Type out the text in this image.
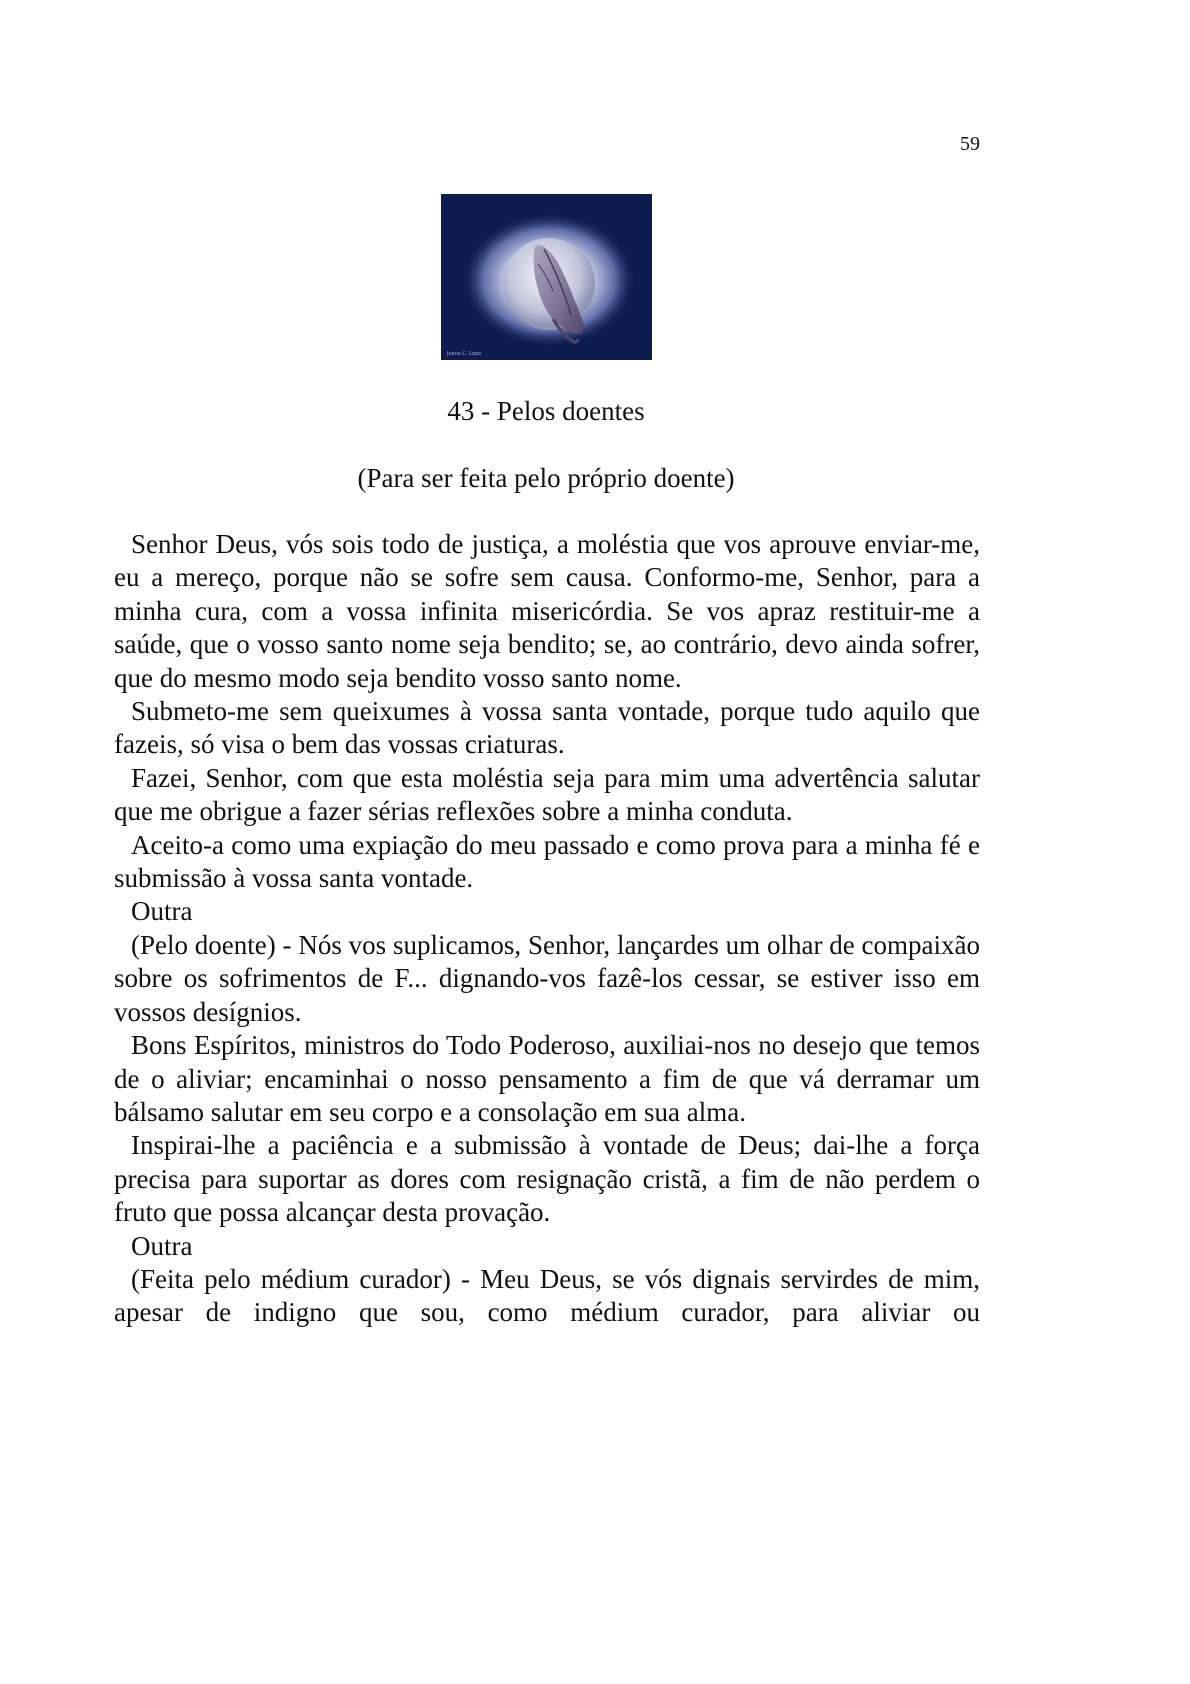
59
Joana C. Lopo
43 - Pelos doentes
(Para ser feita pelo próprio doente)

Senhor Deus, vós sois todo de justiça, a moléstia que vos aprouve enviar-me, eu a mereço, porque não se sofre sem causa. Conformo-me, Senhor, para a minha cura, com a vossa infinita misericórdia. Se vos apraz restituir-me a saúde, que o vosso santo nome seja bendito; se, ao contrário, devo ainda sofrer, que do mesmo modo seja bendito vosso santo nome.

Submeto-me sem queixumes à vossa santa vontade, porque tudo aquilo que fazeis, só visa o bem das vossas criaturas.

Fazei, Senhor, com que esta moléstia seja para mim uma advertência salutar que me obrigue a fazer sérias reflexões sobre a minha conduta.

Aceito-a como uma expiação do meu passado e como prova para a minha fé e submissão à vossa santa vontade.

Outra

(Pelo doente) - Nós vos suplicamos, Senhor, lançardes um olhar de compaixão sobre os sofrimentos de F... dignando-vos fazê-los cessar, se estiver isso em vossos desígnios.

Bons Espíritos, ministros do Todo Poderoso, auxiliai-nos no desejo que temos de o aliviar; encaminhai o nosso pensamento a fim de que vá derramar um bálsamo salutar em seu corpo e a consolação em sua alma.

Inspirai-lhe a paciência e a submissão à vontade de Deus; dai-lhe a força precisa para suportar as dores com resignação cristã, a fim de não perdem o fruto que possa alcançar desta provação.

Outra

(Feita pelo médium curador) - Meu Deus, se vós dignais servirdes de mim, apesar de indigno que sou, como médium curador, para aliviar ou
